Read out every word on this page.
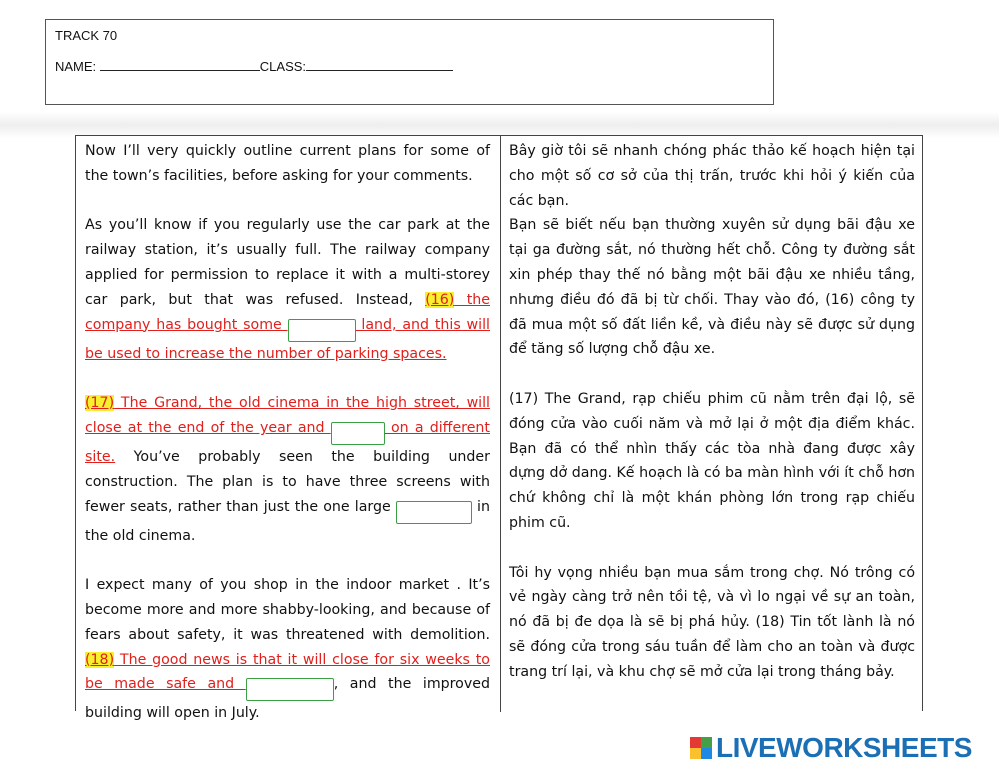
TRACK 70
NAME:	CLASS:

Now I’ll very quickly outline current plans for some of the town’s facilities, before asking for your comments.

As you’ll know if you regularly use the car park at the railway station, it’s usually full. The railway company applied for permission to replace it with a multi-storey car park, but that was refused. Instead, (16) the company has bought some	land, and this will be used to increase the number of parking spaces.

(17) The Grand, the old cinema in the high street, will close at the end of the year and	on a different site. You’ve probably seen the building under construction. The plan is to have three screens with fewer seats, rather than just the one large	in the old cinema.

I expect many of you shop in the indoor market . It’s become more and more shabby-looking, and because of fears about safety, it was threatened with demolition. (18) The good news is that it will close for six weeks to be made safe and	, and the improved building will open in July.

Bây giờ tôi sẽ nhanh chóng phác thảo kế hoạch hiện tại cho một số cơ sở của thị trấn, trước khi hỏi ý kiến của các bạn.

Bạn sẽ biết nếu bạn thường xuyên sử dụng bãi đậu xe tại ga đường sắt, nó thường hết chỗ. Công ty đường sắt xin phép thay thế nó bằng một bãi đậu xe nhiều tầng, nhưng điều đó đã bị từ chối. Thay vào đó, (16) công ty đã mua một số đất liền kề, và điều này sẽ được sử dụng để tăng số lượng chỗ đậu xe.

(17) The Grand, rạp chiếu phim cũ nằm trên đại lộ, sẽ đóng cửa vào cuối năm và mở lại ở một địa điểm khác. Bạn đã có thể nhìn thấy các tòa nhà đang được xây dựng dở dang. Kế hoạch là có ba màn hình với ít chỗ hơn chứ không chỉ là một khán phòng lớn trong rạp chiếu phim cũ.

Tôi hy vọng nhiều bạn mua sắm trong chợ. Nó trông có vẻ ngày càng trở nên tồi tệ, và vì lo ngại về sự an toàn, nó đã bị đe dọa là sẽ bị phá hủy. (18) Tin tốt lành là nó sẽ đóng cửa trong sáu tuần để làm cho an toàn và được trang trí lại, và khu chợ sẽ mở cửa lại trong tháng bảy.

LIVEWORKSHEETS
